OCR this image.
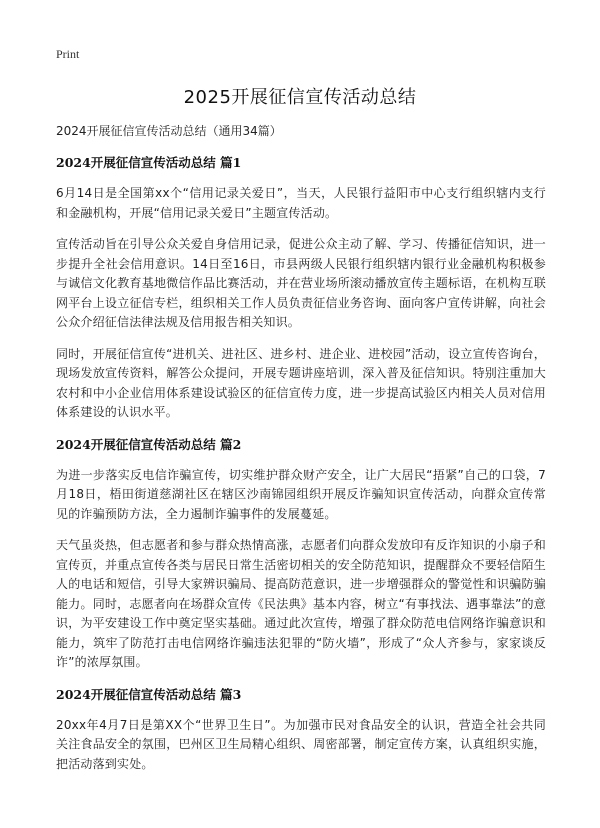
Print
2025开展征信宣传活动总结

2024开展征信宣传活动总结（通用34篇）

2024开展征信宣传活动总结 篇1

6月14日是全国第xx个“信用记录关爱日”，当天，人民银行益阳市中心支行组织辖内支行和金融机构，开展“信用记录关爱日”主题宣传活动。

宣传活动旨在引导公众关爱自身信用记录，促进公众主动了解、学习、传播征信知识，进一步提升全社会信用意识。14日至16日，市县两级人民银行组织辖内银行业金融机构积极参与诚信文化教育基地微信作品比赛活动，并在营业场所滚动播放宣传主题标语，在机构互联网平台上设立征信专栏，组织相关工作人员负责征信业务咨询、面向客户宣传讲解，向社会公众介绍征信法律法规及信用报告相关知识。

同时，开展征信宣传“进机关、进社区、进乡村、进企业、进校园”活动，设立宣传咨询台，现场发放宣传资料，解答公众提问，开展专题讲座培训，深入普及征信知识。特别注重加大农村和中小企业信用体系建设试验区的征信宣传力度，进一步提高试验区内相关人员对信用体系建设的认识水平。

2024开展征信宣传活动总结 篇2

为进一步落实反电信诈骗宣传，切实维护群众财产安全，让广大居民“捂紧”自己的口袋，7月18日，梧田街道慈湖社区在辖区沙南锦园组织开展反诈骗知识宣传活动，向群众宣传常见的诈骗预防方法，全力遏制诈骗事件的发展蔓延。

天气虽炎热，但志愿者和参与群众热情高涨，志愿者们向群众发放印有反诈知识的小扇子和宣传页，并重点宣传各类与居民日常生活密切相关的安全防范知识，提醒群众不要轻信陌生人的电话和短信，引导大家辨识骗局、提高防范意识，进一步增强群众的警觉性和识骗防骗能力。同时，志愿者向在场群众宣传《民法典》基本内容，树立“有事找法、遇事靠法”的意识，为平安建设工作中奠定坚实基础。通过此次宣传，增强了群众防范电信网络诈骗意识和能力，筑牢了防范打击电信网络诈骗违法犯罪的“防火墙”，形成了“众人齐参与，家家谈反诈”的浓厚氛围。

2024开展征信宣传活动总结 篇3

20xx年4月7日是第XX个“世界卫生日”。为加强市民对食品安全的认识，营造全社会共同关注食品安全的氛围，巴州区卫生局精心组织、周密部署，制定宣传方案，认真组织实施，把活动落到实处。
